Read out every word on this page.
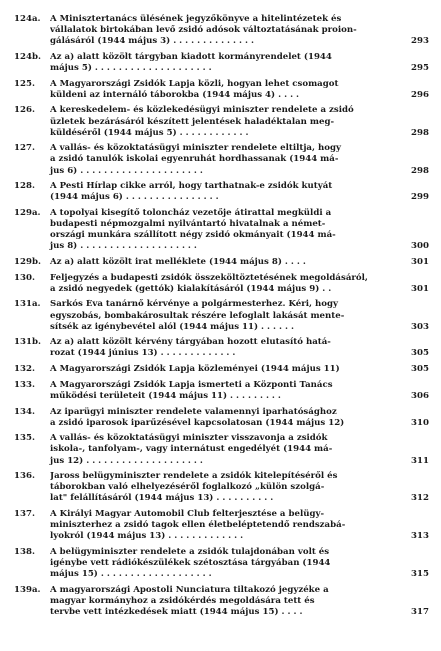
124a.	A Minisztertanács ülésének jegyzőkönyve a hitelintézetek és
vállalatok birtokában levő zsidó adósok változtatásának proion-
gálásáról (1944 május 3) . . . . . . . . . . . . . .	293
124b.	Az a) alatt közölt tárgyban kiadott kormányrendelet (1944
május 5) . . . . . . . . . . . . . . . . . . . .	295
125.	A Magyarországi Zsidók Lapja közli, hogyan lehet csomagot
küldeni az internáló táborokba (1944 május 4) . . . .	296
126.	A kereskedelem- és közlekedésügyi miniszter rendelete a zsidó
üzletek bezárásáról készített jelentések haladéktalan meg-
küldéséről (1944 május 5) . . . . . . . . . . . .	298
127.	A vallás- és közoktatásügyi miniszter rendelete eltiltja, hogy
a zsidó tanulók iskolai egyenruhát hordhassanak (1944 má-
jus 6) . . . . . . . . . . . . . . . . . . . . .	298
128.	A Pesti Hírlap cikke arról, hogy tarthatnak-e zsidók kutyát
(1944 május 6) . . . . . . . . . . . . . . . .	299
129a.	A topolyai kisegítő toloncház vezetője átirattal megküldi a
budapesti népmozgalmi nyilvántartó hivatalnak a német-
országi munkára szállított négy zsidó okmányait (1944 má-
jus 8) . . . . . . . . . . . . . . . . . . . .	300
129b.	Az a) alatt közölt irat melléklete (1944 május 8) . . . .	301
130.	Feljegyzés a budapesti zsidók összeköltöztetésének megoldásáról,
a zsidó negyedek (gettók) kialakításáról (1944 május 9) . .	301
131a.	Sarkós Éva tanárnő kérvénye a polgármesterhez. Kéri, hogy
egyszobás, bombakárosultak részére lefoglalt lakását mente-
sítsék az igénybevétel alól (1944 május 11) . . . . . .	303
131b.	Az a) alatt közölt kérvény tárgyában hozott elutasító hatá-
rozat (1944 június 13) . . . . . . . . . . . . .	305
132.	A Magyarországi Zsidók Lapja közleményei (1944 május 11)	305
133.	A Magyarországi Zsidók Lapja ismerteti a Központi Tanács
működési területeit (1944 május 11) . . . . . . . . .	306
134.	Az iparügyi miniszter rendelete valamennyi iparhatósághoz
a zsidó iparosok iparűzésével kapcsolatosan (1944 május 12)	310
135.	A vallás- és közoktatásügyi miniszter visszavonja a zsidók
iskola-, tanfolyam-, vagy internátust engedélyét (1944 má-
jus 12) . . . . . . . . . . . . . . . . . . . .	311
136.	Jaross belügyminiszter rendelete a zsidók kitelepítéséről és
táborokban való elhelyezéséről foglalkozó „külön szolgá-
lat" felállításáról (1944 május 13) . . . . . . . . . .	312
137.	A Királyi Magyar Automobil Club felterjesztése a belügy-
miniszterhez a zsidó tagok ellen életbeléptetendő rendszabá-
lyokról (1944 május 13) . . . . . . . . . . . . .	313
138.	A belügyminiszter rendelete a zsidók tulajdonában volt és
igénybe vett rádiókészülékek szétosztása tárgyában (1944
május 15) . . . . . . . . . . . . . . . . . . .	315
139a.	A magyarországi Apostoli Nunciatura tiltakozó jegyzéke a
magyar kormányhoz a zsidókérdés megoldására tett és
tervbe vett intézkedések miatt (1944 május 15) . . . .	317
